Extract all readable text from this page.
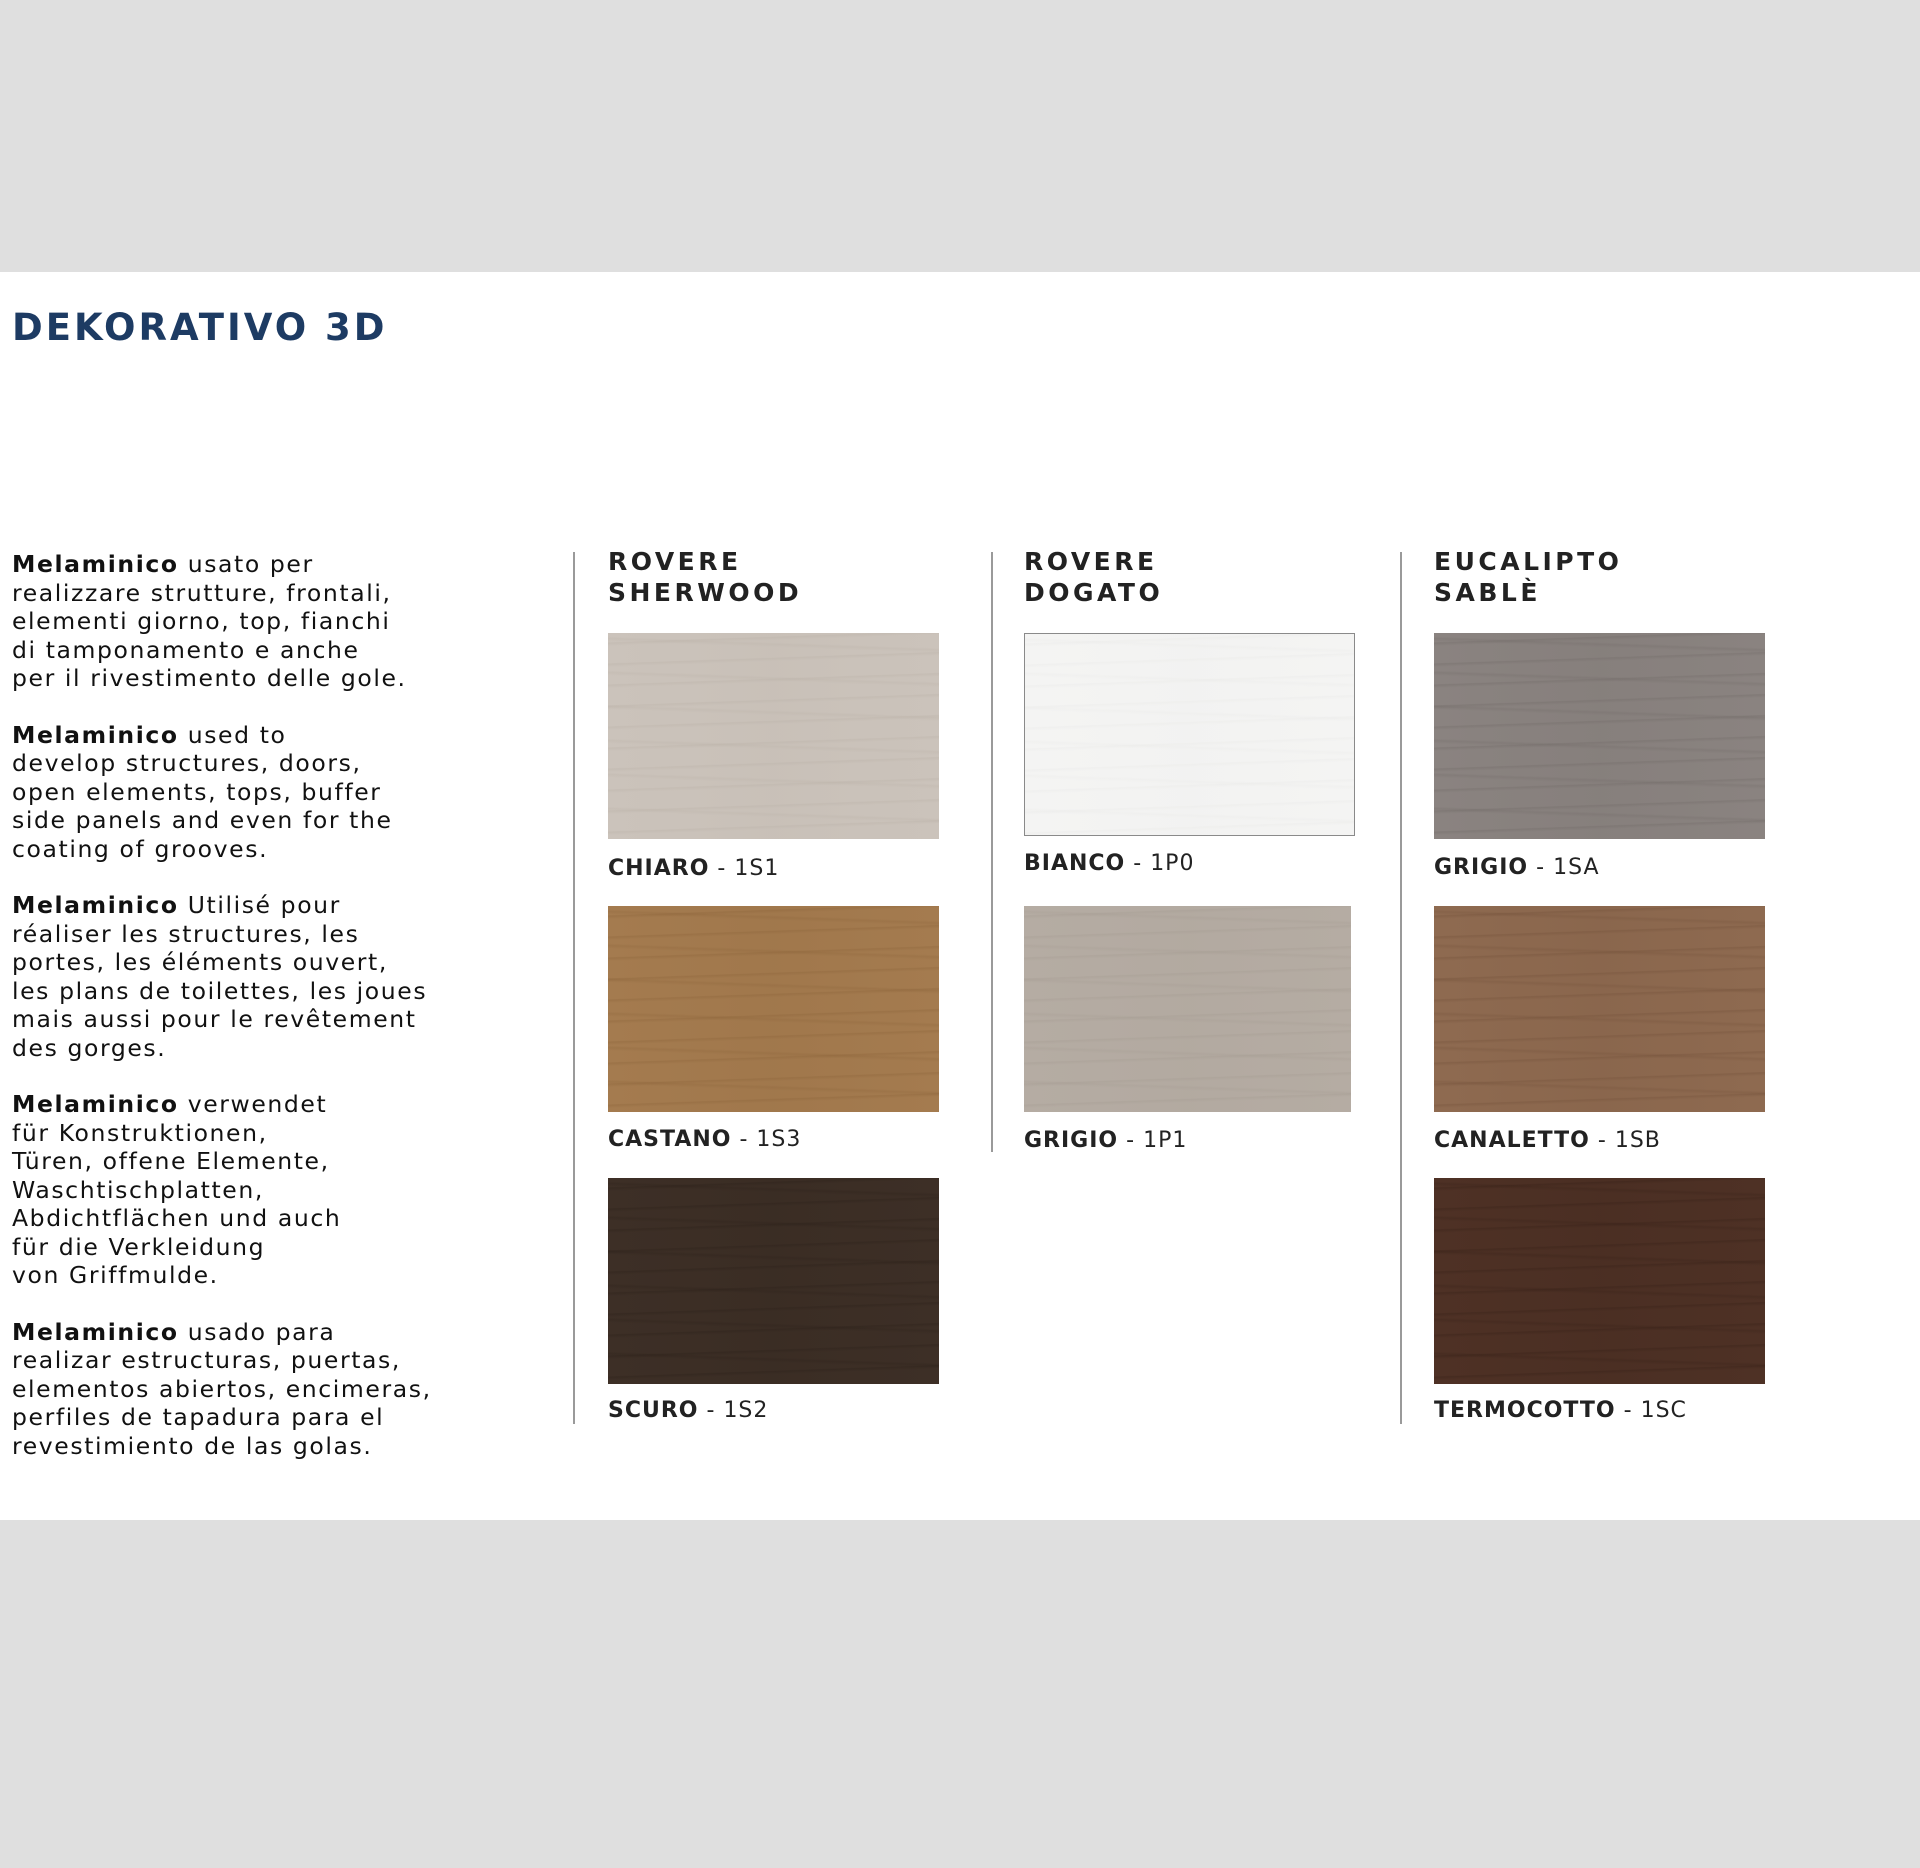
DEKORATIVO 3D

Melaminico usato per
realizzare strutture, frontali,
elementi giorno, top, fianchi
di tamponamento e anche
per il rivestimento delle gole.

Melaminico used to
develop structures, doors,
open elements, tops, buffer
side panels and even for the
coating of grooves.

Melaminico Utilisé pour
réaliser les structures, les
portes, les éléments ouvert,
les plans de toilettes, les joues
mais aussi pour le revêtement
des gorges.

Melaminico verwendet
für Konstruktionen,
Türen, offene Elemente,
Waschtischplatten,
Abdichtflächen und auch
für die Verkleidung
von Griffmulde.

Melaminico usado para
realizar estructuras, puertas,
elementos abiertos, encimeras,
perfiles de tapadura para el
revestimiento de las golas.

ROVERE
SHERWOOD
CHIARO - 1S1
CASTANO - 1S3
SCURO - 1S2
ROVERE
DOGATO
BIANCO - 1P0
GRIGIO - 1P1
EUCALIPTO
SABLÈ
GRIGIO - 1SA
CANALETTO - 1SB
TERMOCOTTO - 1SC
